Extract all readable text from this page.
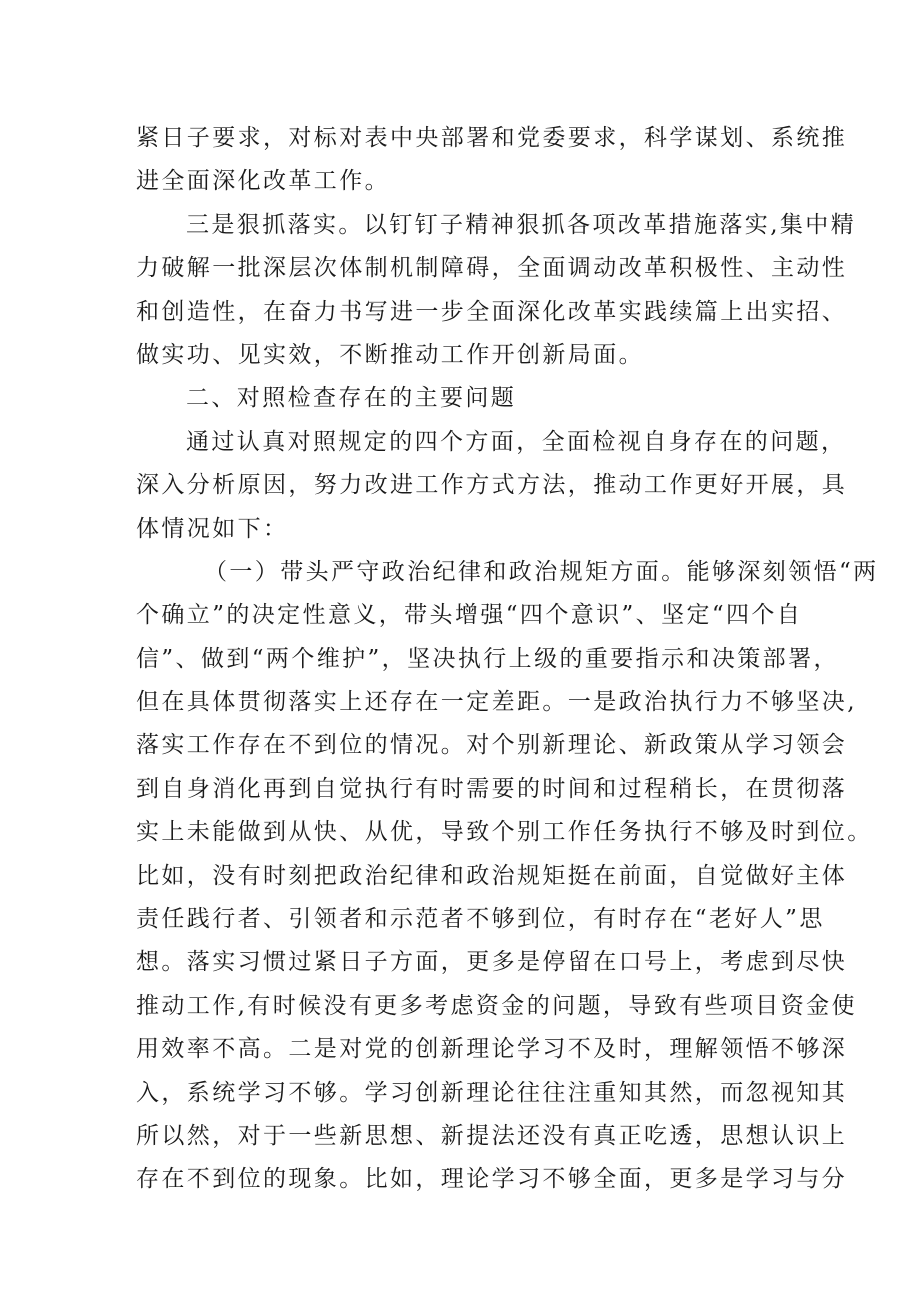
紧日子要求，对标对表中央部署和党委要求，科学谋划、系统推
进全面深化改革工作。
三是狠抓落实。以钉钉子精神狠抓各项改革措施落实,集中精
力破解一批深层次体制机制障碍，全面调动改革积极性、主动性
和创造性，在奋力书写进一步全面深化改革实践续篇上出实招、
做实功、见实效，不断推动工作开创新局面。
二、对照检查存在的主要问题
通过认真对照规定的四个方面，全面检视自身存在的问题，
深入分析原因，努力改进工作方式方法，推动工作更好开展，具
体情况如下：
（一）带头严守政治纪律和政治规矩方面。能够深刻领悟“两
个确立”的决定性意义，带头增强“四个意识”、坚定“四个自
信”、做到“两个维护”，坚决执行上级的重要指示和决策部署，
但在具体贯彻落实上还存在一定差距。一是政治执行力不够坚决,
落实工作存在不到位的情况。对个别新理论、新政策从学习领会
到自身消化再到自觉执行有时需要的时间和过程稍长，在贯彻落
实上未能做到从快、从优，导致个别工作任务执行不够及时到位。
比如，没有时刻把政治纪律和政治规矩挺在前面，自觉做好主体
责任践行者、引领者和示范者不够到位，有时存在“老好人”思
想。落实习惯过紧日子方面，更多是停留在口号上，考虑到尽快
推动工作,有时候没有更多考虑资金的问题，导致有些项目资金使
用效率不高。二是对党的创新理论学习不及时，理解领悟不够深
入，系统学习不够。学习创新理论往往注重知其然，而忽视知其
所以然，对于一些新思想、新提法还没有真正吃透，思想认识上
存在不到位的现象。比如，理论学习不够全面，更多是学习与分
